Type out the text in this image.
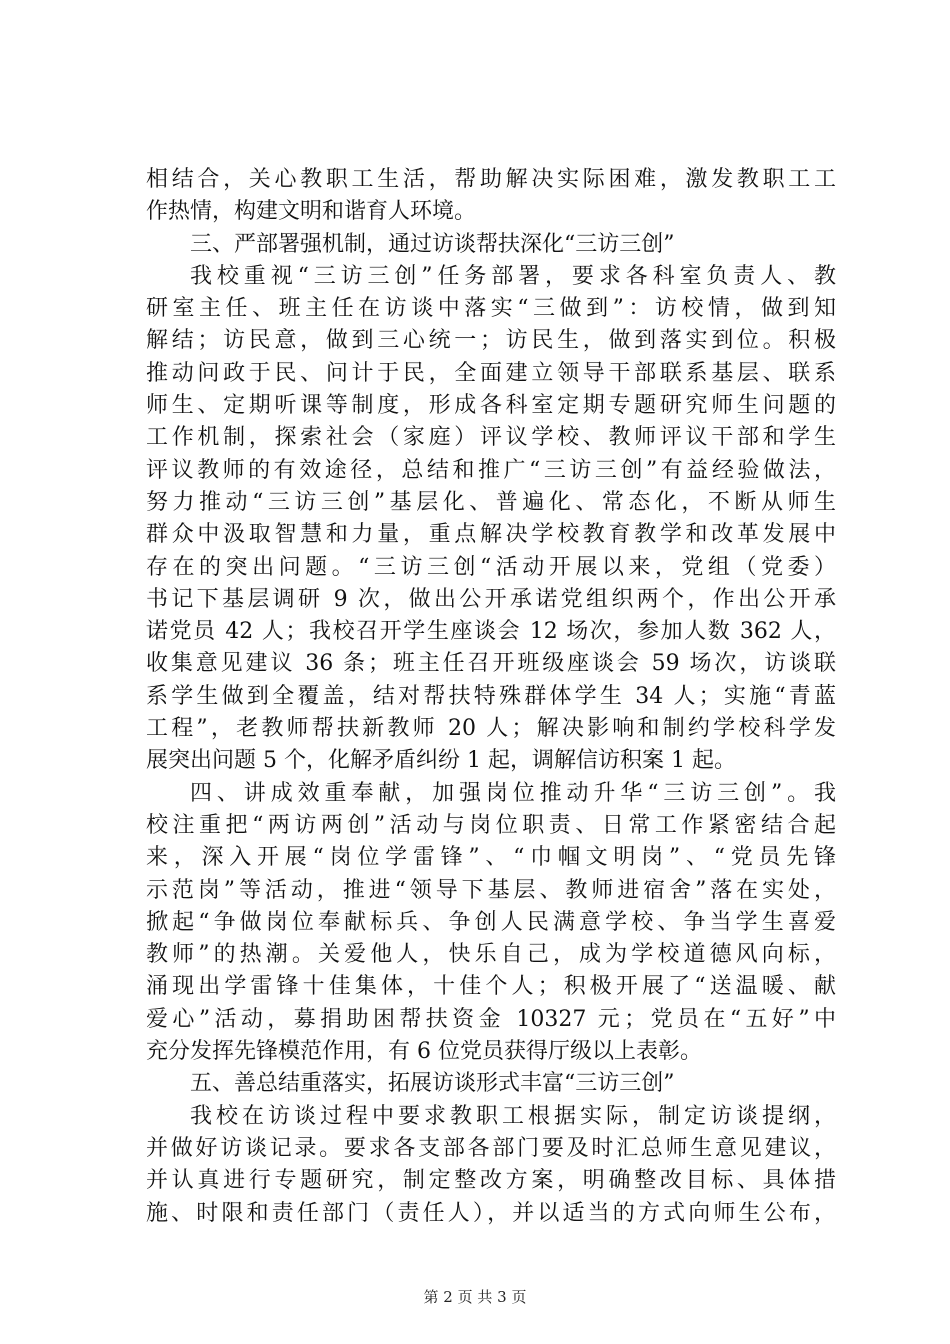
相结合，关心教职工生活，帮助解决实际困难，激发教职工工
作热情，构建文明和谐育人环境。
三、严部署强机制，通过访谈帮扶深化“三访三创”
我校重视“三访三创”任务部署，要求各科室负责人、教
研室主任、班主任在访谈中落实“三做到”：访校情，做到知
解结；访民意，做到三心统一；访民生，做到落实到位。积极
推动问政于民、问计于民，全面建立领导干部联系基层、联系
师生、定期听课等制度，形成各科室定期专题研究师生问题的
工作机制，探索社会（家庭）评议学校、教师评议干部和学生
评议教师的有效途径，总结和推广“三访三创”有益经验做法，
努力推动“三访三创”基层化、普遍化、常态化，不断从师生
群众中汲取智慧和力量，重点解决学校教育教学和改革发展中
存在的突出问题。“三访三创“活动开展以来，党组（党委）
书记下基层调研 9 次，做出公开承诺党组织两个，作出公开承
诺党员 42 人；我校召开学生座谈会 12 场次，参加人数 362 人，
收集意见建议 36 条；班主任召开班级座谈会 59 场次，访谈联
系学生做到全覆盖，结对帮扶特殊群体学生 34 人；实施“青蓝
工程”，老教师帮扶新教师 20 人；解决影响和制约学校科学发
展突出问题 5 个，化解矛盾纠纷 1 起，调解信访积案 1 起。
四、讲成效重奉献，加强岗位推动升华“三访三创”。我
校注重把“两访两创”活动与岗位职责、日常工作紧密结合起
来，深入开展“岗位学雷锋”、“巾帼文明岗”、“党员先锋
示范岗”等活动，推进“领导下基层、教师进宿舍”落在实处，
掀起“争做岗位奉献标兵、争创人民满意学校、争当学生喜爱
教师”的热潮。关爱他人，快乐自己，成为学校道德风向标，
涌现出学雷锋十佳集体，十佳个人；积极开展了“送温暖、献
爱心”活动，募捐助困帮扶资金 10327 元；党员在“五好”中
充分发挥先锋模范作用，有 6 位党员获得厅级以上表彰。
五、善总结重落实，拓展访谈形式丰富“三访三创”
我校在访谈过程中要求教职工根据实际，制定访谈提纲，
并做好访谈记录。要求各支部各部门要及时汇总师生意见建议，
并认真进行专题研究，制定整改方案，明确整改目标、具体措
施、时限和责任部门（责任人），并以适当的方式向师生公布，
第 2 页 共 3 页
